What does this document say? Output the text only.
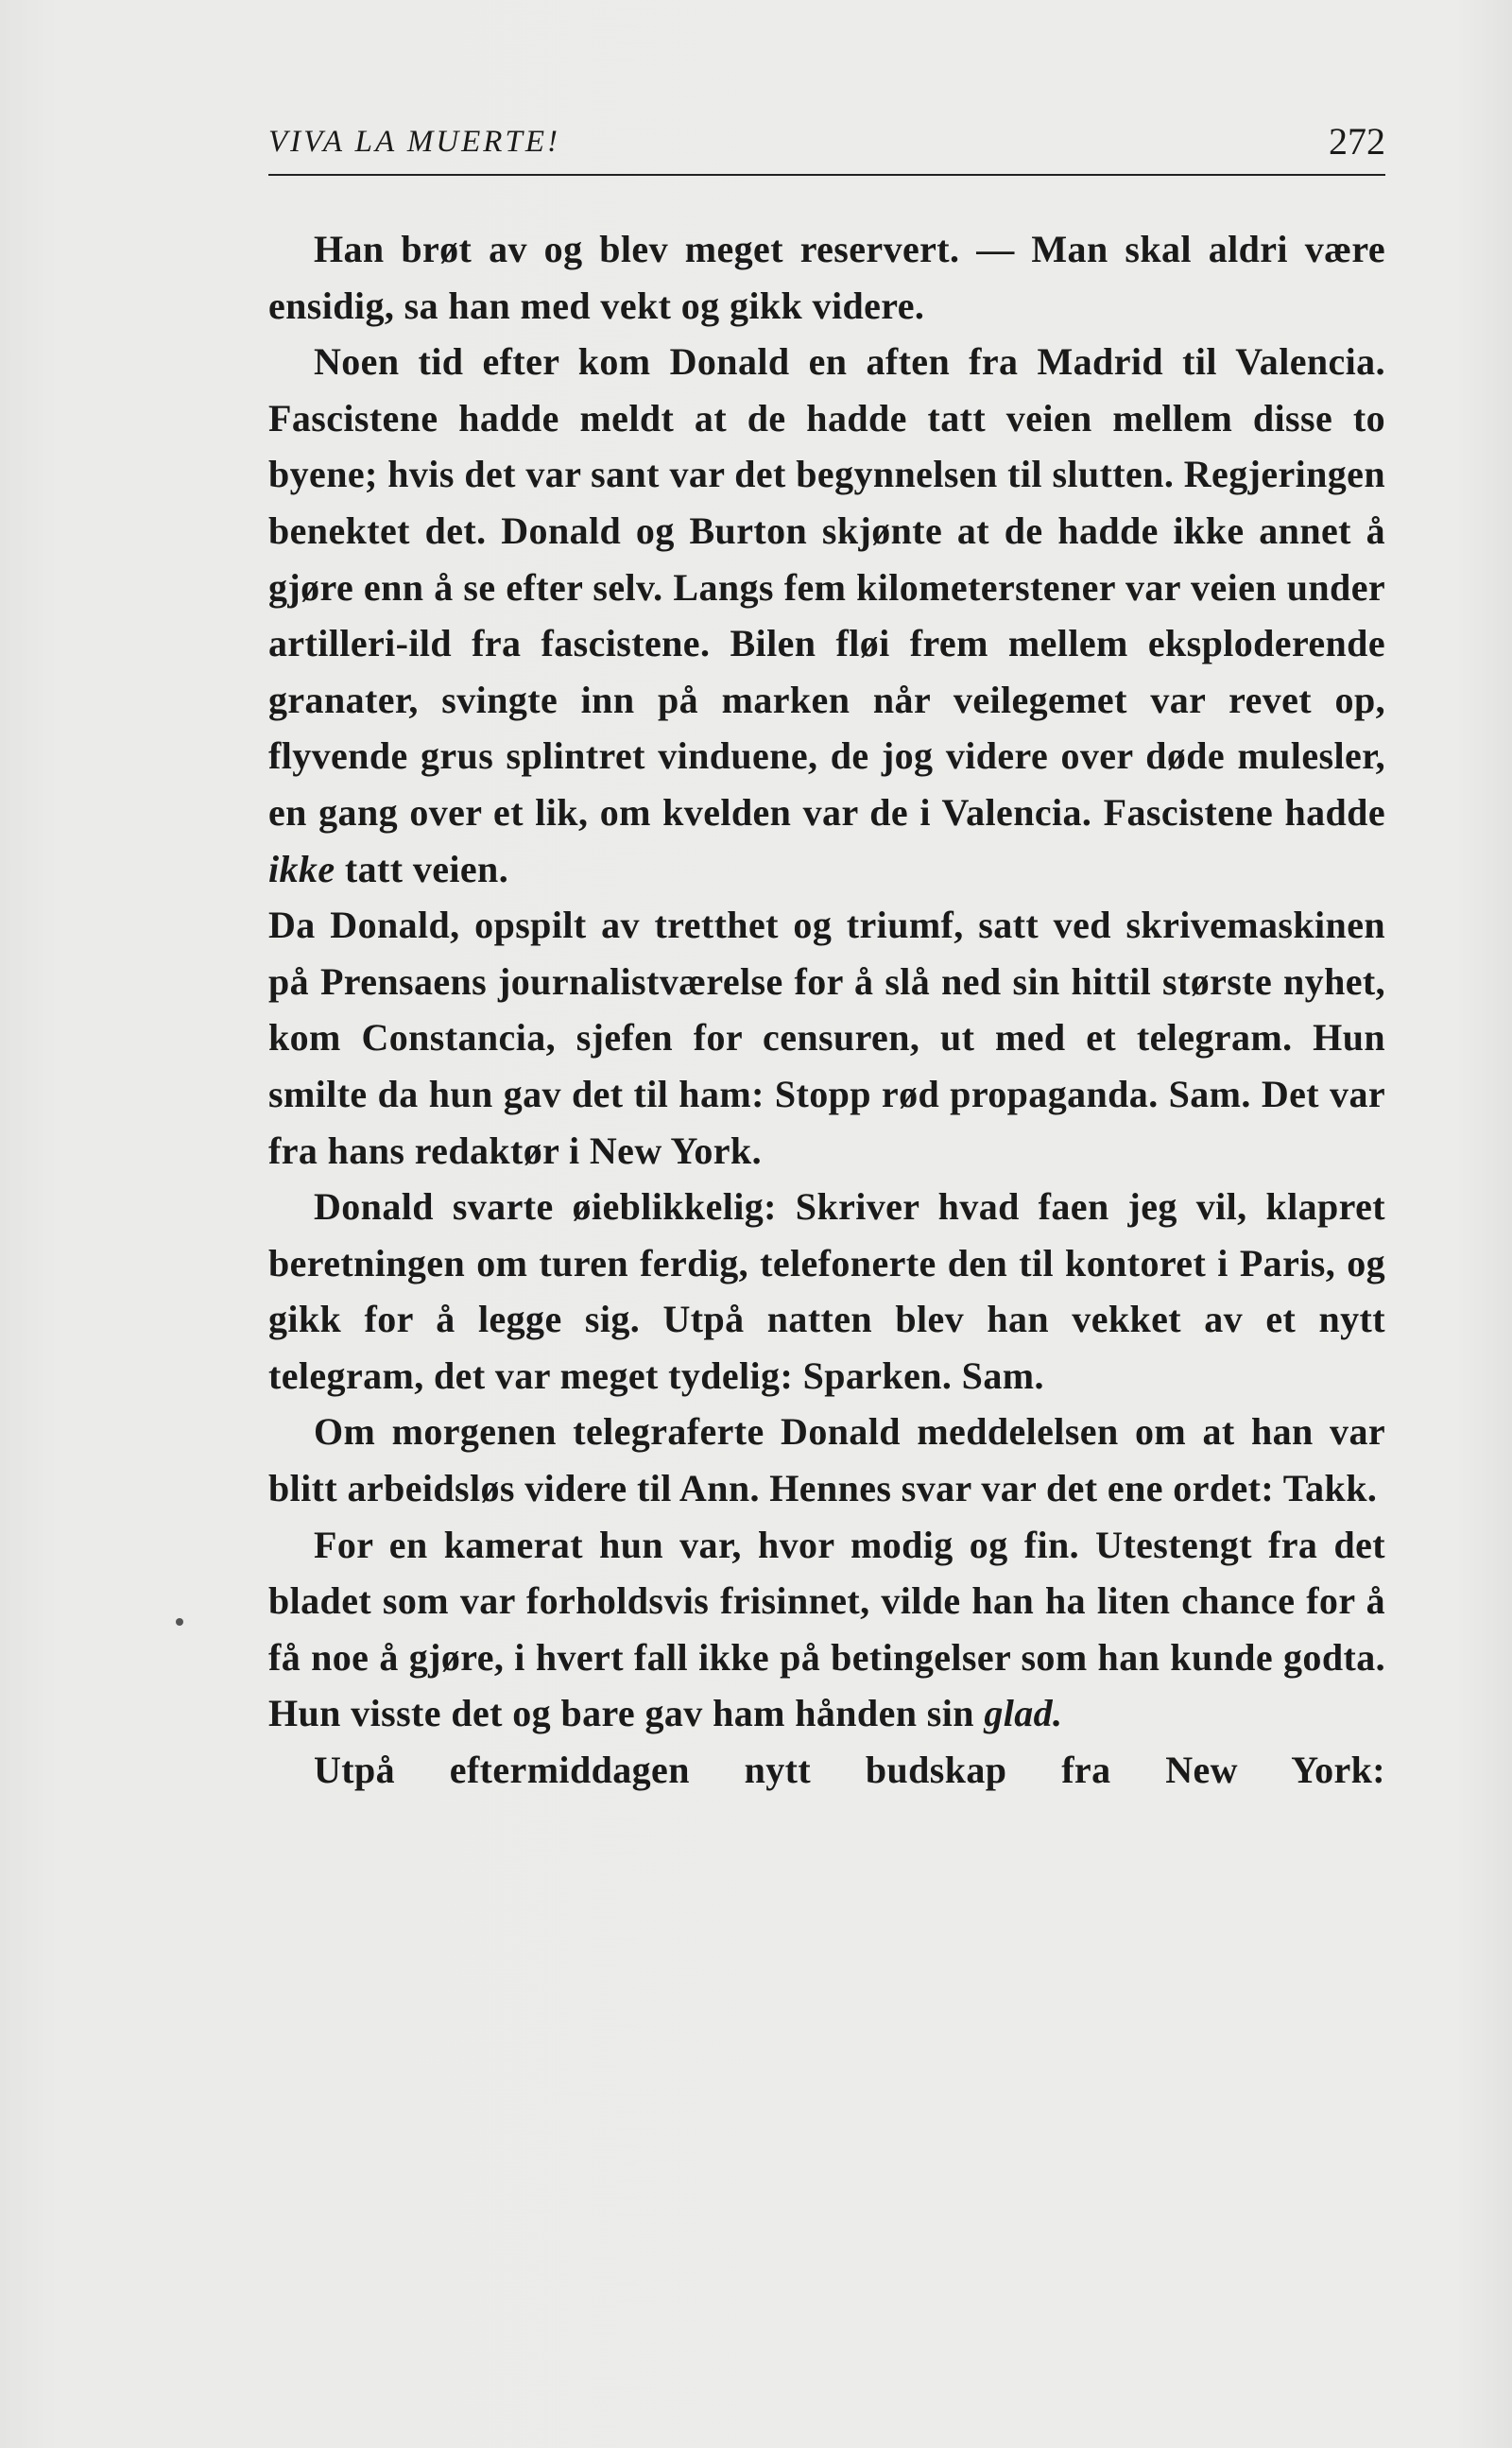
VIVA LA MUERTE!	272

Han brøt av og blev meget reservert. — Man skal aldri være ensidig, sa han med vekt og gikk videre.

Noen tid efter kom Donald en aften fra Madrid til Valencia. Fascistene hadde meldt at de hadde tatt veien mellem disse to byene; hvis det var sant var det begynnelsen til slutten. Regjeringen benektet det. Donald og Burton skjønte at de hadde ikke annet å gjøre enn å se efter selv. Langs fem kilometerstener var veien under artilleri-ild fra fascistene. Bilen fløi frem mellem eksploderende granater, svingte inn på marken når veilegemet var revet op, flyvende grus splintret vinduene, de jog videre over døde mulesler, en gang over et lik, om kvelden var de i Valencia. Fascistene hadde ikke tatt veien.

Da Donald, opspilt av tretthet og triumf, satt ved skrivemaskinen på Prensaens journalistværelse for å slå ned sin hittil største nyhet, kom Constancia, sjefen for censuren, ut med et telegram. Hun smilte da hun gav det til ham: Stopp rød propaganda. Sam. Det var fra hans redaktør i New York.

Donald svarte øieblikkelig: Skriver hvad faen jeg vil, klapret beretningen om turen ferdig, telefonerte den til kontoret i Paris, og gikk for å legge sig. Utpå natten blev han vekket av et nytt telegram, det var meget tydelig: Sparken. Sam.

Om morgenen telegraferte Donald meddelelsen om at han var blitt arbeidsløs videre til Ann. Hennes svar var det ene ordet: Takk.

For en kamerat hun var, hvor modig og fin. Utestengt fra det bladet som var forholdsvis frisinnet, vilde han ha liten chance for å få noe å gjøre, i hvert fall ikke på betingelser som han kunde godta. Hun visste det og bare gav ham hånden sin glad.

Utpå eftermiddagen nytt budskap fra New York:
